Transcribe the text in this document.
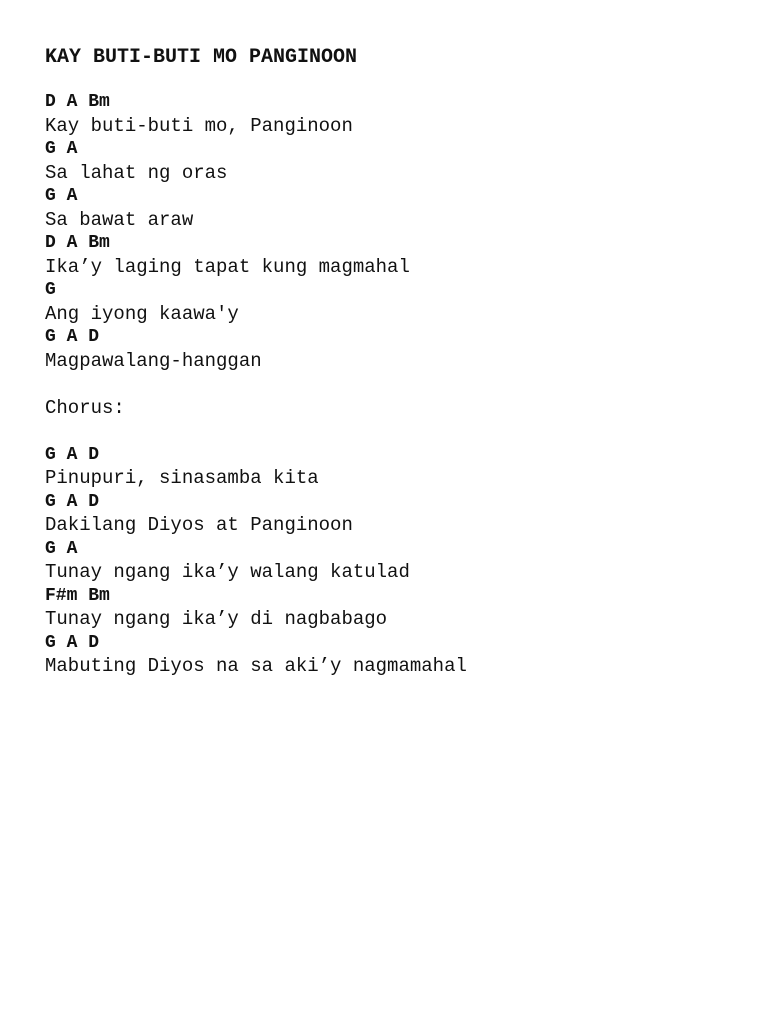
KAY BUTI-BUTI MO PANGINOON
D A Bm
Kay buti-buti mo, Panginoon
G A
Sa lahat ng oras
G A
Sa bawat araw
D A Bm
Ika’y laging tapat kung magmahal
G
Ang iyong kaawa'y
G A D
Magpawalang-hanggan
Chorus:
G A D
Pinupuri, sinasamba kita
G A D
Dakilang Diyos at Panginoon
G A
Tunay ngang ika’y walang katulad
F#m Bm
Tunay ngang ika’y di nagbabago
G A D
Mabuting Diyos na sa aki’y nagmamahal
